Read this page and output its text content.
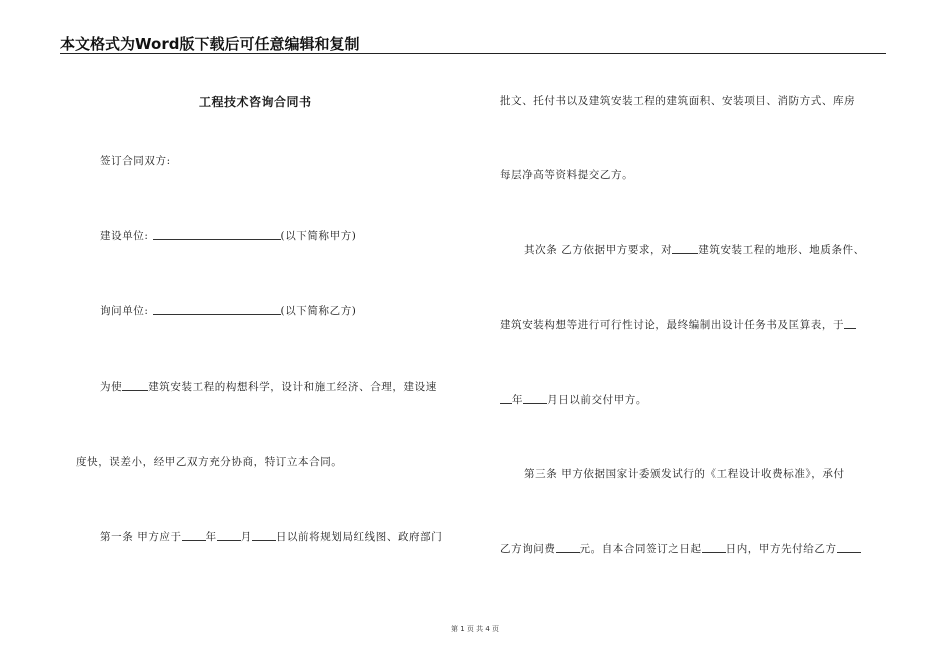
本文格式为Word版下载后可任意编辑和复制
工程技术咨询合同书
签订合同双方:
建设单位:	(以下简称甲方)
询问单位:	(以下简称乙方)
为使 建筑安装工程的构想科学，设计和施工经济、合理，建设速
度快，误差小，经甲乙双方充分协商，特订立本合同。
第一条 甲方应于 年 月 日以前将规划局红线图、政府部门
批文、托付书以及建筑安装工程的建筑面积、安装项目、消防方式、库房
每层净高等资料提交乙方。
其次条 乙方依据甲方要求，对 建筑安装工程的地形、地质条件、
建筑安装构想等进行可行性讨论，最终编制出设计任务书及匡算表，于
年 月日以前交付甲方。
第三条 甲方依据国家计委颁发试行的《工程设计收费标准》，承付
乙方询问费 元。自本合同签订之日起 日内，甲方先付给乙方
第 1 页 共 4 页
